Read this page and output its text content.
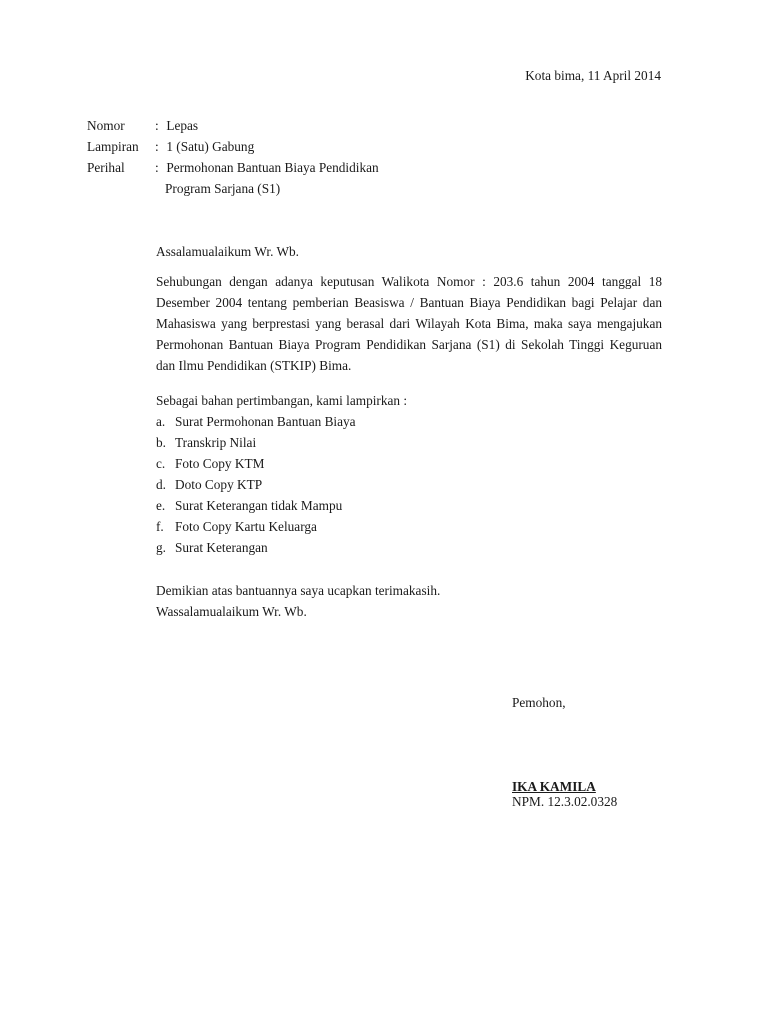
Kota bima, 11 April 2014
Nomor : Lepas
Lampiran : 1 (Satu) Gabung
Perihal : Permohonan Bantuan Biaya Pendidikan
Program Sarjana (S1)
Assalamualaikum Wr. Wb.
Sehubungan dengan adanya keputusan Walikota Nomor : 203.6 tahun 2004 tanggal 18 Desember 2004 tentang pemberian Beasiswa / Bantuan Biaya Pendidikan bagi Pelajar dan Mahasiswa yang berprestasi yang berasal dari Wilayah Kota Bima, maka saya mengajukan Permohonan Bantuan Biaya Program Pendidikan Sarjana (S1) di Sekolah Tinggi Keguruan dan Ilmu Pendidikan (STKIP) Bima.
Sebagai bahan pertimbangan, kami lampirkan :
a. Surat Permohonan Bantuan Biaya
b. Transkrip Nilai
c. Foto Copy KTM
d. Doto Copy KTP
e. Surat Keterangan tidak Mampu
f. Foto Copy Kartu Keluarga
g. Surat Keterangan
Demikian atas bantuannya saya ucapkan terimakasih.
Wassalamualaikum Wr. Wb.
Pemohon,
IKA KAMILA
NPM. 12.3.02.0328
